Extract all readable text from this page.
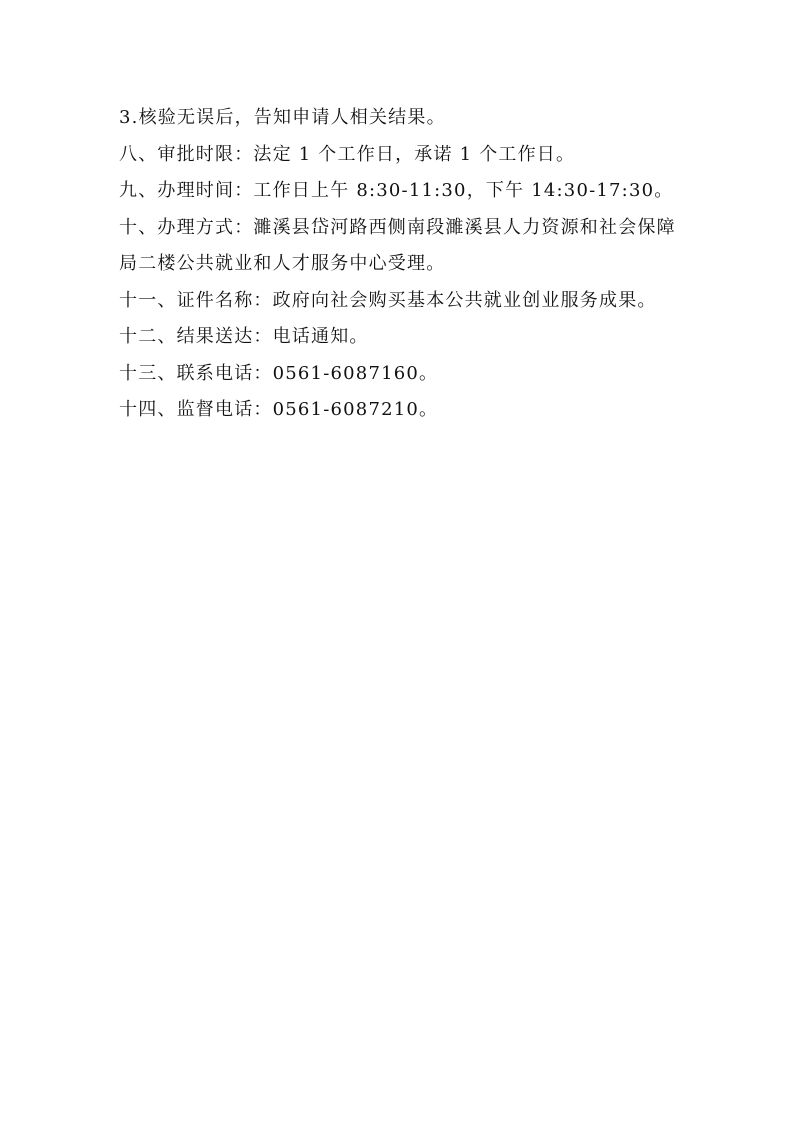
3.核验无误后，告知申请人相关结果。

八、审批时限：法定 1 个工作日，承诺 1 个工作日。

九、办理时间：工作日上午 8:30-11:30，下午 14:30-17:30。

十、办理方式：濉溪县岱河路西侧南段濉溪县人力资源和社会保障局二楼公共就业和人才服务中心受理。

十一、证件名称：政府向社会购买基本公共就业创业服务成果。

十二、结果送达：电话通知。

十三、联系电话：0561-6087160。

十四、监督电话：0561-6087210。
